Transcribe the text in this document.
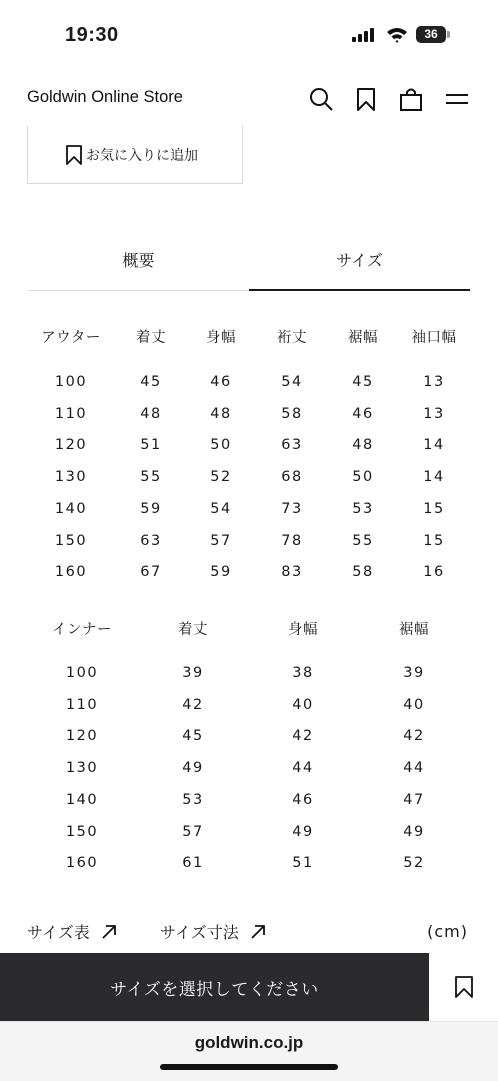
19:30	36
Goldwin Online Store
お気に入りに追加
概要	サイズ
アウター 着丈	身幅	裄丈	裾幅 袖口幅
100	45	46	54	45	13
110	48	48	58	46	13
120	51	50	63	48	14
130	55	52	68	50	14
140	59	54	73	53	15
150	63	57	78	55	15
160	67	59	83	58	16
インナー	着丈	身幅	裾幅
100	39	38	39
110	42	40	40
120	45	42	42
130	49	44	44
140	53	46	47
150	57	49	49
160	61	51	52
サイズ表	サイズ寸法	(cm)
サイズを選択してください
goldwin.co.jp
